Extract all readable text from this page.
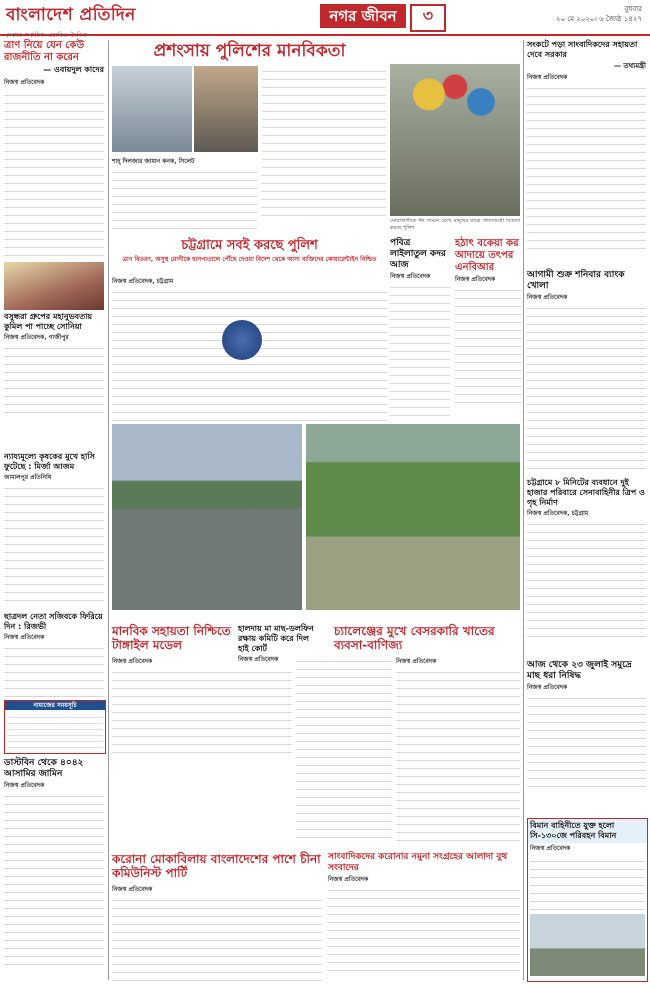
বাংলাদেশ প্রতিদিন
দেশের সর্বাধিক প্রচারিত দৈনিক
নগর জীবন	৩	বুধবার
২০ মে ২০২০। ৬ জ্যৈষ্ঠ ১৪২৭
ত্রাণ নিয়ে যেন কেউ রাজনীতি না করেন
— ওবায়দুল কাদের
নিজস্ব প্রতিবেদক
বসুন্ধরা গ্রুপের মহানুভবতায় কুমিল পা পাচ্ছে সোনিয়া
নিজস্ব প্রতিবেদক, গাজীপুর
ন্যায্যমূল্যে কৃষকের মুখে হাসি ফুটেছে : মির্জা আজম
জামালপুর প্রতিনিধি
ছাত্রদল নেতা সজিবকে ফিরিয়ে দিন : রিজভী
নিজস্ব প্রতিবেদক
নামাজের সময়সূচি
ডাস্টবিন থেকে ৪০৪২ আসামির জামিন
নিজস্ব প্রতিবেদক
প্রশংসায় পুলিশের মানবিকতা
শাহ্‌ দিলজার জামান কনক, সিলেট
নোয়াখালীতে ঈদ সামনে রেখে মানুষের মাঝে খাদ্যসামগ্রী বিতরণ করছে পুলিশ
সংকটে পড়া সাংবাদিকদের সহায়তা দেবে সরকার
— তথ্যমন্ত্রী
নিজস্ব প্রতিবেদক
আগামী শুক্র শনিবার ব্যাংক খোলা
নিজস্ব প্রতিবেদক
চট্টগ্রামে ৮ মিনিটের ব্যবধানে দুই হাজার পরিবারে সেনাবাহিনীর ত্রিপ ও গৃহ নির্মাণ
নিজস্ব প্রতিবেদক, চট্টগ্রাম
আজ থেকে ২৩ জুলাই সমুদ্রে মাছ ধরা নিষিদ্ধ
নিজস্ব প্রতিবেদক
বিমান বাহিনীতে যুক্ত হলো সি-১৩০জে পরিবহন বিমান
নিজস্ব প্রতিবেদক
চট্টগ্রামে সবই করছে পুলিশ
ত্রাণ বিতরণ, অসুস্থ রোগীকে হাসপাতালে পৌঁছে দেওয়া বিদেশ থেকে আসা ব্যক্তিদের কোয়ারেন্টাইন নিশ্চিত
নিজস্ব প্রতিবেদক, চট্টগ্রাম
পবিত্র লাইলাতুল কদর আজ
নিজস্ব প্রতিবেদক
হঠাৎ বকেয়া কর আদায়ে তৎপর এনবিআর
নিজস্ব প্রতিবেদক
মানবিক সহায়তা নিশ্চিতে টাঙ্গাইল মডেল
নিজস্ব প্রতিবেদক
হালদায় মা মাছ-ডলফিন রক্ষায় কমিটি করে দিল হাই কোর্ট
নিজস্ব প্রতিবেদক
চ্যালেঞ্জের মুখে বেসরকারি খাতের ব্যবসা-বাণিজ্য
নিজস্ব প্রতিবেদক
করোনা মোকাবিলায় বাংলাদেশের পাশে চীনা কমিউনিস্ট পার্টি
নিজস্ব প্রতিবেদক
সাংবাদিকদের করোনার নমুনা সংগ্রহের আলাদা বুথ সংবাদের
নিজস্ব প্রতিবেদক
